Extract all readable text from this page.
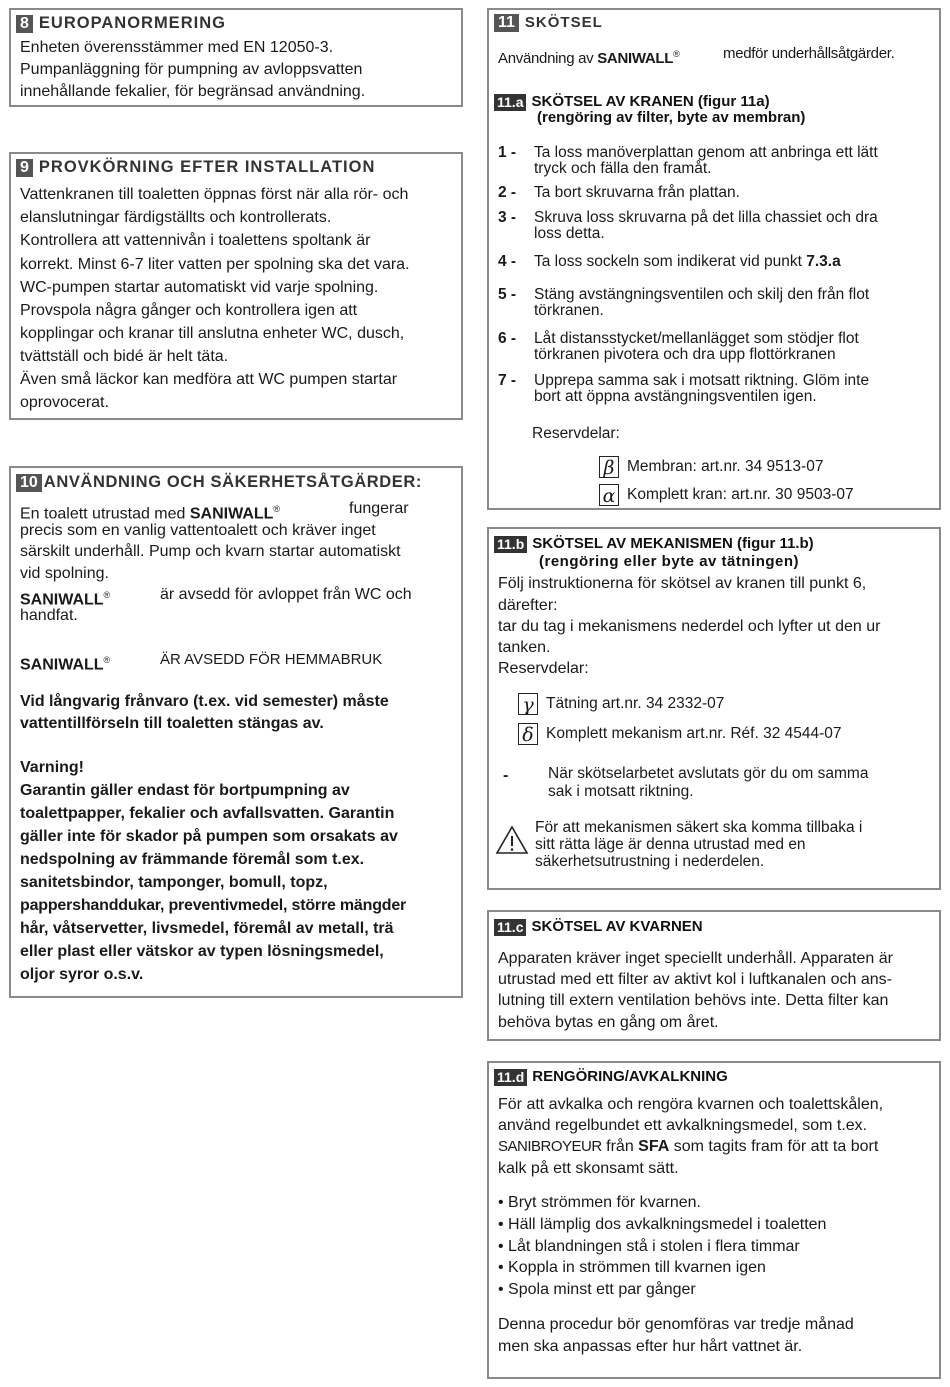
8 EUROPANORMERING
Enheten överensstämmer med EN 12050-3.
Pumpanläggning för pumpning av avloppsvatten
innehållande fekalier, för begränsad användning.
9 PROVKÖRNING EFTER INSTALLATION
Vattenkranen till toaletten öppnas först när alla rör- och
elanslutningar färdigställts och kontrollerats.
Kontrollera att vattennivån i toalettens spoltank är
korrekt. Minst 6-7 liter vatten per spolning ska det vara.
WC-pumpen startar automatiskt vid varje spolning.
Provspola några gånger och kontrollera igen att
kopplingar och kranar till anslutna enheter WC, dusch,
tvättställ och bidé är helt täta.
Även små läckor kan medföra att WC pumpen startar
oprovocerat.
10 ANVÄNDNING OCH SÄKERHETSÅTGÄRDER:
En toalett utrustad med SANIWALL®	fungerar
precis som en vanlig vattentoalett och kräver inget
särskilt underhåll. Pump och kvarn startar automatiskt
vid spolning.
SANIWALL®	är avsedd för avloppet från WC och
handfat.
SANIWALL®	ÄR AVSEDD FÖR HEMMABRUK
Vid långvarig frånvaro (t.ex. vid semester) måste
vattentillförseln till toaletten stängas av.
Varning!
Garantin gäller endast för bortpumpning av
toalettpapper, fekalier och avfallsvatten. Garantin
gäller inte för skador på pumpen som orsakats av
nedspolning av främmande föremål som t.ex.
sanitetsbindor, tamponger, bomull, topz,
pappershanddukar, preventivmedel, större mängder
hår, våtservetter, livsmedel, föremål av metall, trä
eller plast eller vätskor av typen lösningsmedel,
oljor syror o.s.v.
11 SKÖTSEL
Användning av SANIWALL®	medför underhållsåtgärder.
11.a SKÖTSEL AV KRANEN (figur 11a)
(rengöring av filter, byte av membran)
1 - Ta loss manöverplattan genom att anbringa ett lätt
tryck och fälla den framåt.
2 - Ta bort skruvarna från plattan.
3 - Skruva loss skruvarna på det lilla chassiet och dra
loss detta.
4 - Ta loss sockeln som indikerat vid punkt 7.3.a
5 - Stäng avstängningsventilen och skilj den från flot
törkranen.
6 - Låt distansstycket/mellanlägget som stödjer flot
törkranen pivotera och dra upp flottörkranen
7 - Upprepa samma sak i motsatt riktning. Glöm inte
bort att öppna avstängningsventilen igen.
Reservdelar:
β Membran: art.nr. 34 9513-07
α Komplett kran: art.nr. 30 9503-07
11.b SKÖTSEL AV MEKANISMEN (figur 11.b)
(rengöring eller byte av tätningen)
Följ instruktionerna för skötsel av kranen till punkt 6,
därefter:
tar du tag i mekanismens nederdel och lyfter ut den ur
tanken.
Reservdelar:
γ Tätning art.nr. 34 2332-07
δ Komplett mekanism art.nr. Réf. 32 4544-07
-	När skötselarbetet avslutats gör du om samma
sak i motsatt riktning.
För att mekanismen säkert ska komma tillbaka i
sitt rätta läge är denna utrustad med en
säkerhetsutrustning i nederdelen.
11.c SKÖTSEL AV KVARNEN
Apparaten kräver inget speciellt underhåll. Apparaten är
utrustad med ett filter av aktivt kol i luftkanalen och ans-
lutning till extern ventilation behövs inte. Detta filter kan
behöva bytas en gång om året.
11.d RENGÖRING/AVKALKNING
För att avkalka och rengöra kvarnen och toalettskålen,
använd regelbundet ett avkalkningsmedel, som t.ex.
SANIBROYEUR från SFA som tagits fram för att ta bort
kalk på ett skonsamt sätt.
• Bryt strömmen för kvarnen.
• Häll lämplig dos avkalkningsmedel i toaletten
• Låt blandningen stå i stolen i flera timmar
• Koppla in strömmen till kvarnen igen
• Spola minst ett par gånger
Denna procedur bör genomföras var tredje månad
men ska anpassas efter hur hårt vattnet är.
